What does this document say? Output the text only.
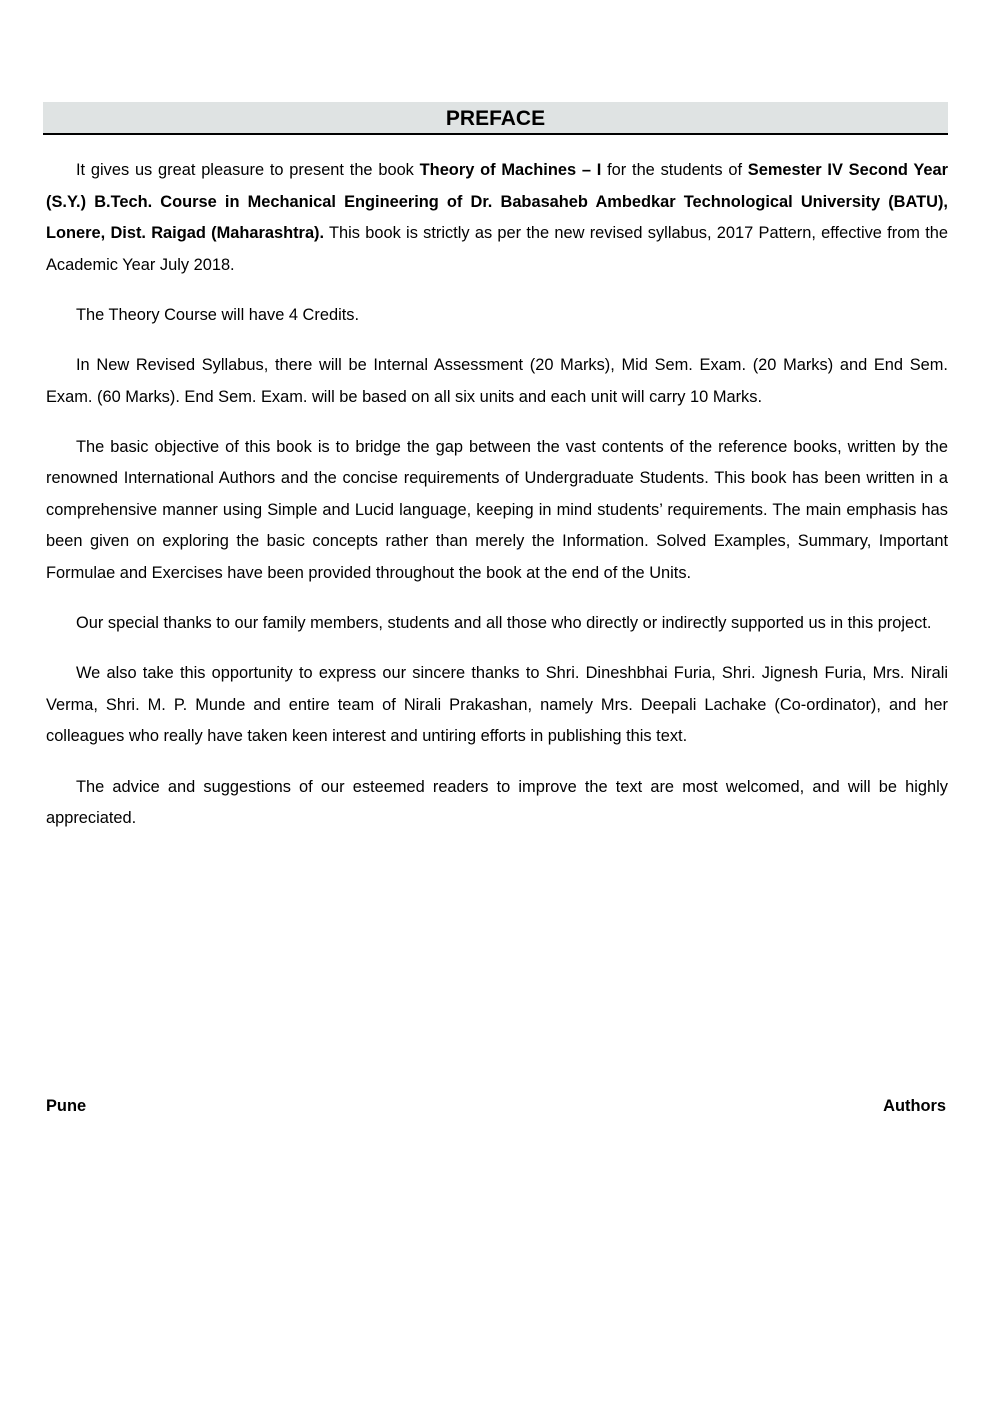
PREFACE

It gives us great pleasure to present the book Theory of Machines – I for the students of Semester IV Second Year (S.Y.) B.Tech. Course in Mechanical Engineering of Dr. Babasaheb Ambedkar Technological University (BATU), Lonere, Dist. Raigad (Maharashtra). This book is strictly as per the new revised syllabus, 2017 Pattern, effective from the Academic Year July 2018.

The Theory Course will have 4 Credits.

In New Revised Syllabus, there will be Internal Assessment (20 Marks), Mid Sem. Exam. (20 Marks) and End Sem. Exam. (60 Marks). End Sem. Exam. will be based on all six units and each unit will carry 10 Marks.

The basic objective of this book is to bridge the gap between the vast contents of the reference books, written by the renowned International Authors and the concise requirements of Undergraduate Students. This book has been written in a comprehensive manner using Simple and Lucid language, keeping in mind students’ requirements. The main emphasis has been given on exploring the basic concepts rather than merely the Information. Solved Examples, Summary, Important Formulae and Exercises have been provided throughout the book at the end of the Units.

Our special thanks to our family members, students and all those who directly or indirectly supported us in this project.

We also take this opportunity to express our sincere thanks to Shri. Dineshbhai Furia, Shri. Jignesh Furia, Mrs. Nirali Verma, Shri. M. P. Munde and entire team of Nirali Prakashan, namely Mrs. Deepali Lachake (Co-ordinator), and her colleagues who really have taken keen interest and untiring efforts in publishing this text.

The advice and suggestions of our esteemed readers to improve the text are most welcomed, and will be highly appreciated.

Pune	Authors
